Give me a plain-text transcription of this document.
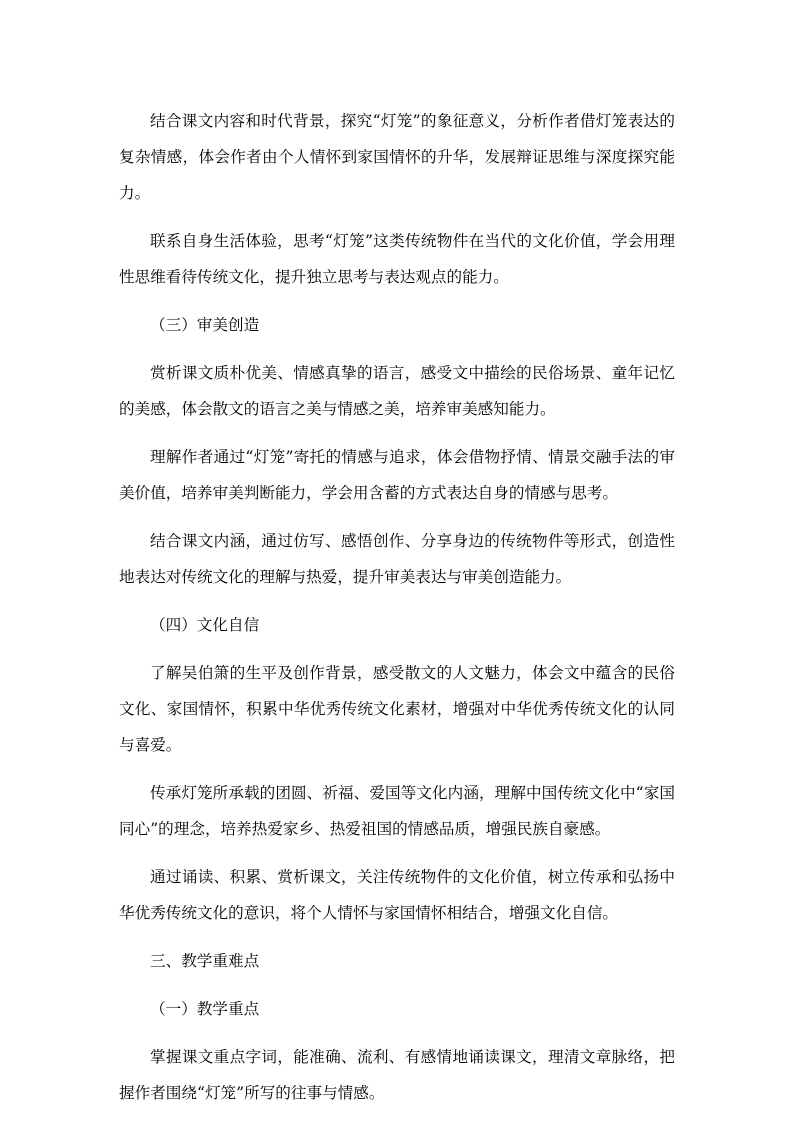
结合课文内容和时代背景，探究“灯笼”的象征意义，分析作者借灯笼表达的复杂情感，体会作者由个人情怀到家国情怀的升华，发展辩证思维与深度探究能力。

联系自身生活体验，思考“灯笼”这类传统物件在当代的文化价值，学会用理性思维看待传统文化，提升独立思考与表达观点的能力。

（三）审美创造

赏析课文质朴优美、情感真挚的语言，感受文中描绘的民俗场景、童年记忆的美感，体会散文的语言之美与情感之美，培养审美感知能力。

理解作者通过“灯笼”寄托的情感与追求，体会借物抒情、情景交融手法的审美价值，培养审美判断能力，学会用含蓄的方式表达自身的情感与思考。

结合课文内涵，通过仿写、感悟创作、分享身边的传统物件等形式，创造性地表达对传统文化的理解与热爱，提升审美表达与审美创造能力。

（四）文化自信

了解吴伯箫的生平及创作背景，感受散文的人文魅力，体会文中蕴含的民俗文化、家国情怀，积累中华优秀传统文化素材，增强对中华优秀传统文化的认同与喜爱。

传承灯笼所承载的团圆、祈福、爱国等文化内涵，理解中国传统文化中“家国同心”的理念，培养热爱家乡、热爱祖国的情感品质，增强民族自豪感。

通过诵读、积累、赏析课文，关注传统物件的文化价值，树立传承和弘扬中华优秀传统文化的意识，将个人情怀与家国情怀相结合，增强文化自信。

三、教学重难点

（一）教学重点

掌握课文重点字词，能准确、流利、有感情地诵读课文，理清文章脉络，把握作者围绕“灯笼”所写的往事与情感。
